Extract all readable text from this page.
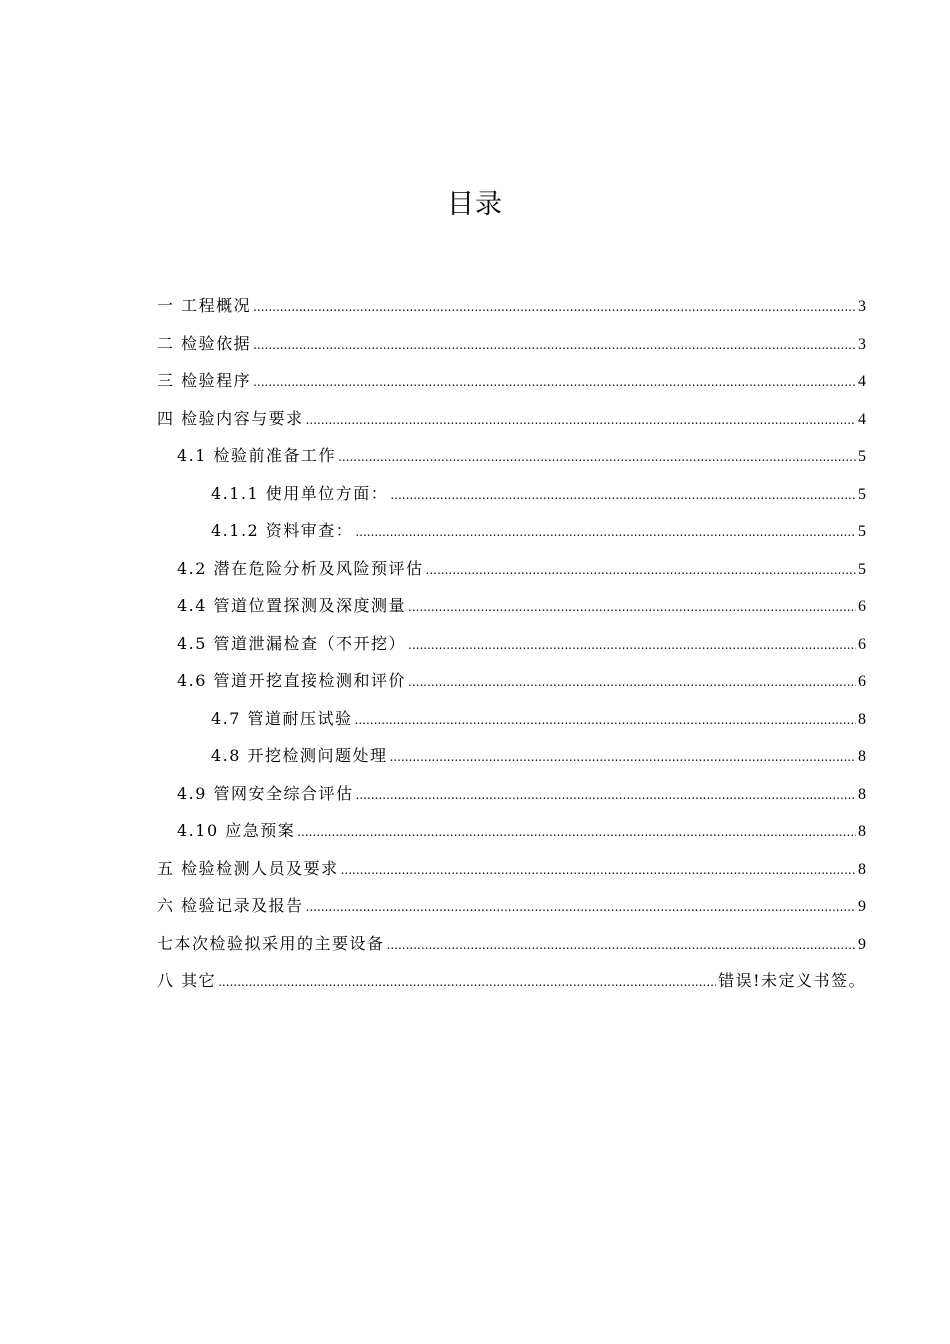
目录
一 工程概况 .....	3
二 检验依据 .....	3
三 检验程序 .....	4
四 检验内容与要求 .....	4
4.1 检验前准备工作 .....	5
4.1.1 使用单位方面： .....	5
4.1.2 资料审查： .....	5
4.2 潜在危险分析及风险预评估 .....	5
4.4 管道位置探测及深度测量 .....	6
4.5 管道泄漏检查（不开挖） .....	6
4.6 管道开挖直接检测和评价 .....	6
4.7 管道耐压试验 .....	8
4.8 开挖检测问题处理 .....	8
4.9 管网安全综合评估 .....	8
4.10 应急预案 .....	8
五 检验检测人员及要求 .....	8
六 检验记录及报告 .....	9
七本次检验拟采用的主要设备 .....	9
八 其它 .....	错误!未定义书签。
